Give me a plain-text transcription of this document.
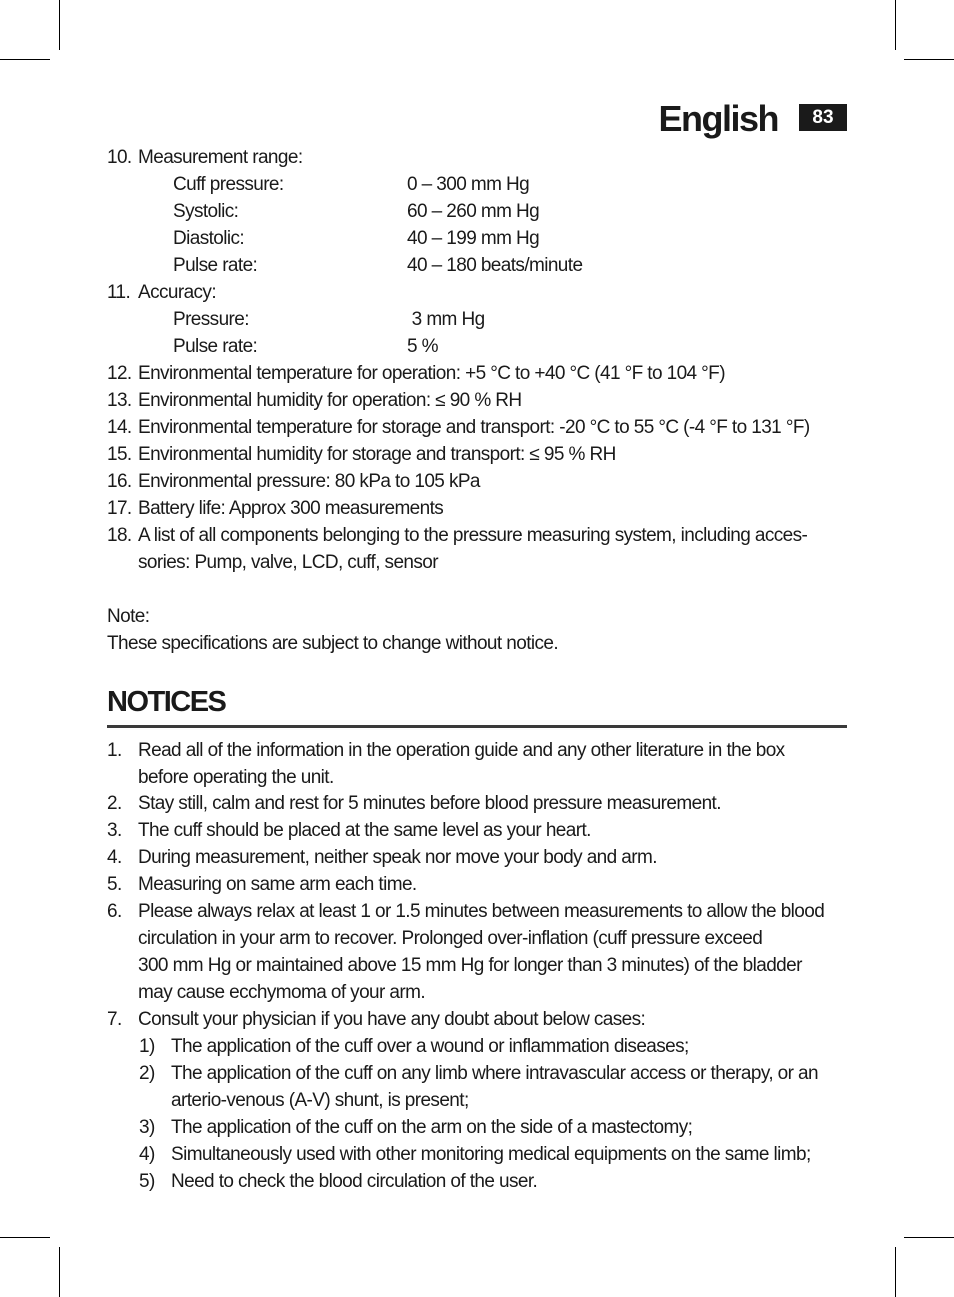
English	83
10. Measurement range:
Cuff pressure:	0 – 300 mm Hg
Systolic:	60 – 260 mm Hg
Diastolic:	40 – 199 mm Hg
Pulse rate:	40 – 180 beats/minute
11. Accuracy:
Pressure:	3 mm Hg
Pulse rate:	5 %
12. Environmental temperature for operation: +5 °C to +40 °C (41 °F to 104 °F)
13. Environmental humidity for operation: ≤ 90 % RH
14. Environmental temperature for storage and transport: -20 °C to 55 °C (-4 °F to 131 °F)
15. Environmental humidity for storage and transport: ≤ 95 % RH
16. Environmental pressure: 80 kPa to 105 kPa
17. Battery life: Approx 300 measurements
18. A list of all components belonging to the pressure measuring system, including acces-
sories: Pump, valve, LCD, cuff, sensor
Note:
These specifications are subject to change without notice.
NOTICES
1. Read all of the information in the operation guide and any other literature in the box
before operating the unit.
2. Stay still, calm and rest for 5 minutes before blood pressure measurement.
3. The cuff should be placed at the same level as your heart.
4. During measurement, neither speak nor move your body and arm.
5. Measuring on same arm each time.
6. Please always relax at least 1 or 1.5 minutes between measurements to allow the blood
circulation in your arm to recover. Prolonged over-inflation (cuff pressure exceed
300 mm Hg or maintained above 15 mm Hg for longer than 3 minutes) of the bladder
may cause ecchymoma of your arm.
7. Consult your physician if you have any doubt about below cases:
1) The application of the cuff over a wound or inflammation diseases;
2) The application of the cuff on any limb where intravascular access or therapy, or an
arterio-venous (A-V) shunt, is present;
3) The application of the cuff on the arm on the side of a mastectomy;
4) Simultaneously used with other monitoring medical equipments on the same limb;
5) Need to check the blood circulation of the user.
